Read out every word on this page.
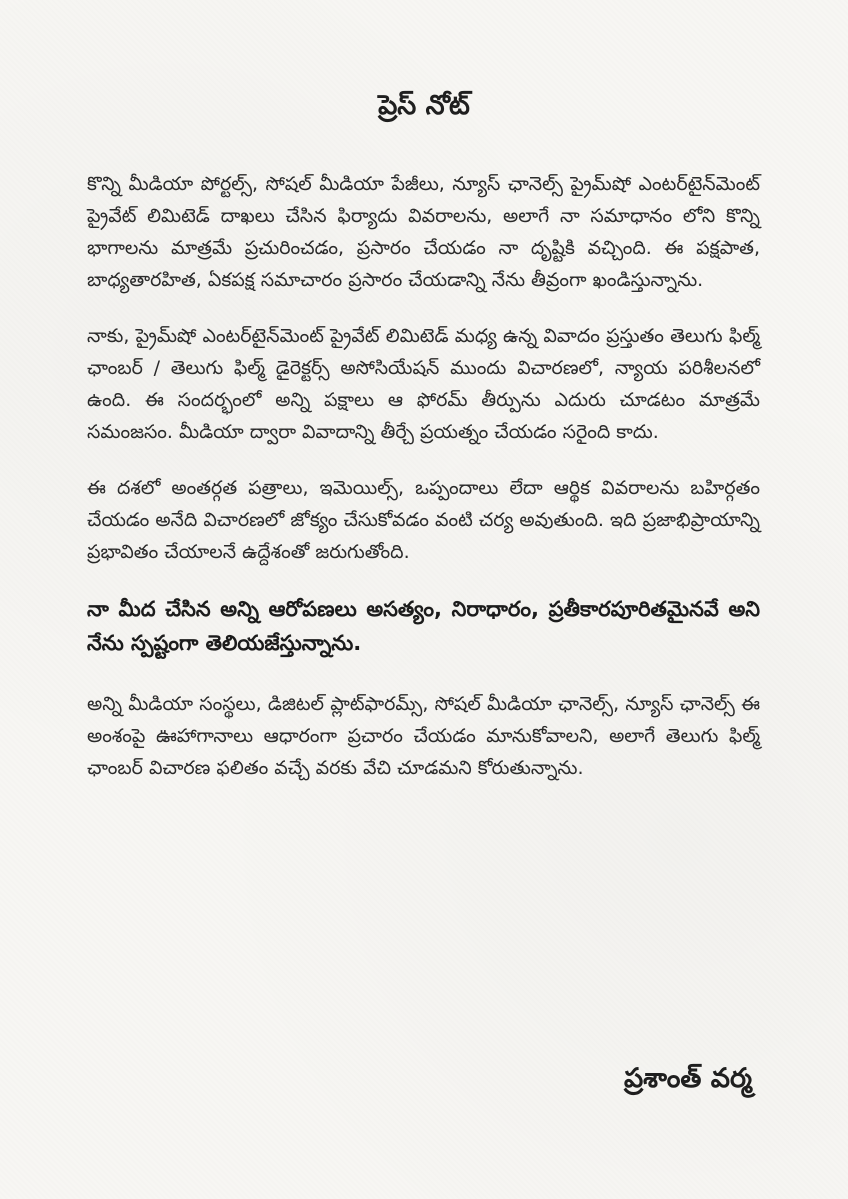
ప్రెస్ నోట్

కొన్ని మీడియా పోర్టల్స్, సోషల్ మీడియా పేజీలు, న్యూస్ ఛానెల్స్ ప్రైమ్‌షో ఎంటర్‌టైన్‌మెంట్ ప్రైవేట్ లిమిటెడ్ దాఖలు చేసిన ఫిర్యాదు వివరాలను, అలాగే నా సమాధానం లోని కొన్ని భాగాలను మాత్రమే ప్రచురించడం, ప్రసారం చేయడం నా దృష్టికి వచ్చింది. ఈ పక్షపాత, బాధ్యతారహిత, ఏకపక్ష సమాచారం ప్రసారం చేయడాన్ని నేను తీవ్రంగా ఖండిస్తున్నాను.

నాకు, ప్రైమ్‌షో ఎంటర్‌టైన్‌మెంట్ ప్రైవేట్ లిమిటెడ్ మధ్య ఉన్న వివాదం ప్రస్తుతం తెలుగు ఫిల్మ్ ఛాంబర్ / తెలుగు ఫిల్మ్ డైరెక్టర్స్ అసోసియేషన్ ముందు విచారణలో, న్యాయ పరిశీలనలో ఉంది. ఈ సందర్భంలో అన్ని పక్షాలు ఆ ఫోరమ్ తీర్పును ఎదురు చూడటం మాత్రమే సమంజసం. మీడియా ద్వారా వివాదాన్ని తీర్చే ప్రయత్నం చేయడం సరైంది కాదు.

ఈ దశలో అంతర్గత పత్రాలు, ఇమెయిల్స్, ఒప్పందాలు లేదా ఆర్థిక వివరాలను బహిర్గతం చేయడం అనేది విచారణలో జోక్యం చేసుకోవడం వంటి చర్య అవుతుంది. ఇది ప్రజాభిప్రాయాన్ని ప్రభావితం చేయాలనే ఉద్దేశంతో జరుగుతోంది.

నా మీద చేసిన అన్ని ఆరోపణలు అసత్యం, నిరాధారం, ప్రతీకారపూరితమైనవే అని నేను స్పష్టంగా తెలియజేస్తున్నాను.

అన్ని మీడియా సంస్థలు, డిజిటల్ ప్లాట్‌ఫారమ్స్, సోషల్ మీడియా ఛానెల్స్, న్యూస్ ఛానెల్స్ ఈ అంశంపై ఊహాగానాలు ఆధారంగా ప్రచారం చేయడం మానుకోవాలని, అలాగే తెలుగు ఫిల్మ్ ఛాంబర్ విచారణ ఫలితం వచ్చే వరకు వేచి చూడమని కోరుతున్నాను.

ప్రశాంత్ వర్మ
